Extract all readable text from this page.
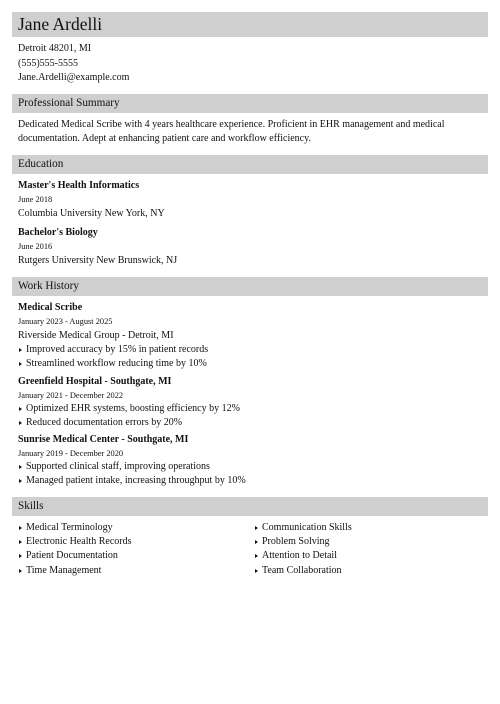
Jane Ardelli
Detroit 48201, MI
(555)555-5555
Jane.Ardelli@example.com
Professional Summary

Dedicated Medical Scribe with 4 years healthcare experience. Proficient in EHR management and medical documentation. Adept at enhancing patient care and workflow efficiency.

Education
Master's Health Informatics
June 2018
Columbia University New York, NY
Bachelor's Biology
June 2016
Rutgers University New Brunswick, NJ
Work History
Medical Scribe
January 2023 - August 2025
Riverside Medical Group - Detroit, MI
Improved accuracy by 15% in patient records
Streamlined workflow reducing time by 10%
Greenfield Hospital - Southgate, MI
January 2021 - December 2022
Optimized EHR systems, boosting efficiency by 12%
Reduced documentation errors by 20%
Sunrise Medical Center - Southgate, MI
January 2019 - December 2020
Supported clinical staff, improving operations
Managed patient intake, increasing throughput by 10%
Skills
Medical Terminology
Electronic Health Records
Patient Documentation
Time Management
Communication Skills
Problem Solving
Attention to Detail
Team Collaboration
